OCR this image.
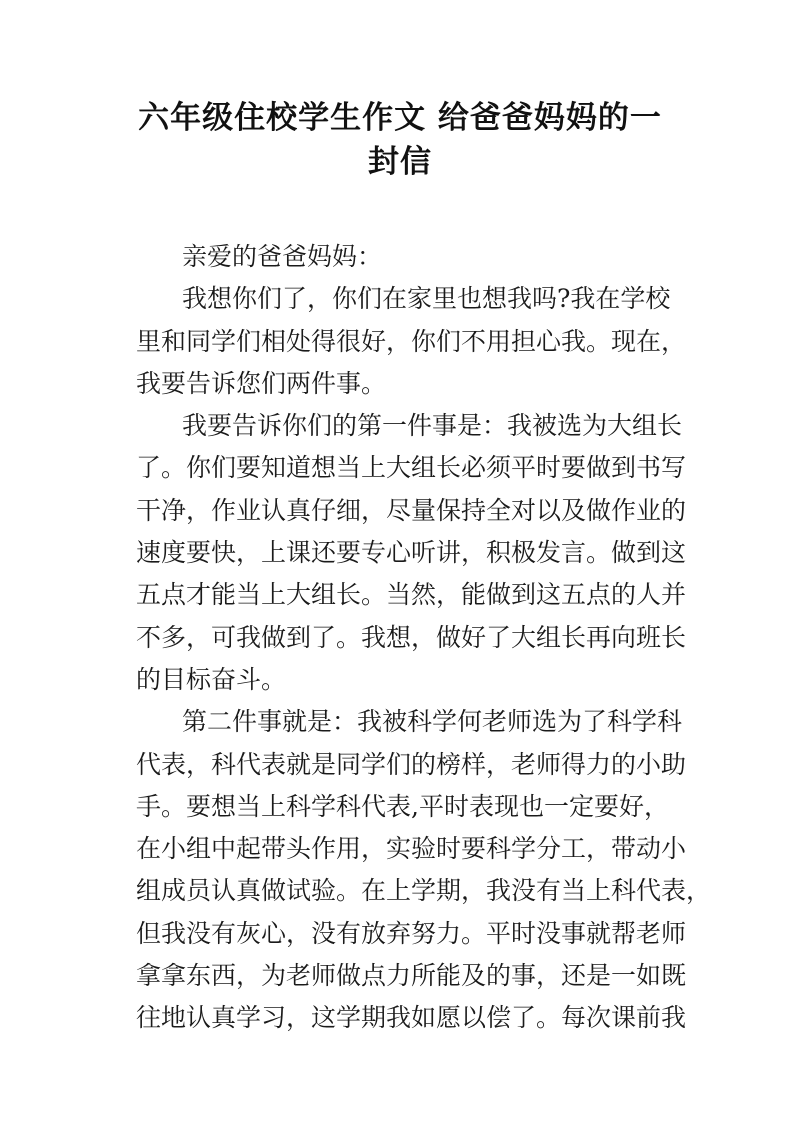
六年级住校学生作文 给爸爸妈妈的一
封信

亲爱的爸爸妈妈：

我想你们了，你们在家里也想我吗?我在学校
里和同学们相处得很好，你们不用担心我。现在，
我要告诉您们两件事。

我要告诉你们的第一件事是：我被选为大组长
了。你们要知道想当上大组长必须平时要做到书写
干净，作业认真仔细，尽量保持全对以及做作业的
速度要快，上课还要专心听讲，积极发言。做到这
五点才能当上大组长。当然，能做到这五点的人并
不多，可我做到了。我想，做好了大组长再向班长
的目标奋斗。

第二件事就是：我被科学何老师选为了科学科
代表，科代表就是同学们的榜样，老师得力的小助
手。要想当上科学科代表,平时表现也一定要好，
在小组中起带头作用，实验时要科学分工，带动小
组成员认真做试验。在上学期，我没有当上科代表，
但我没有灰心，没有放弃努力。平时没事就帮老师
拿拿东西，为老师做点力所能及的事，还是一如既
往地认真学习，这学期我如愿以偿了。每次课前我
